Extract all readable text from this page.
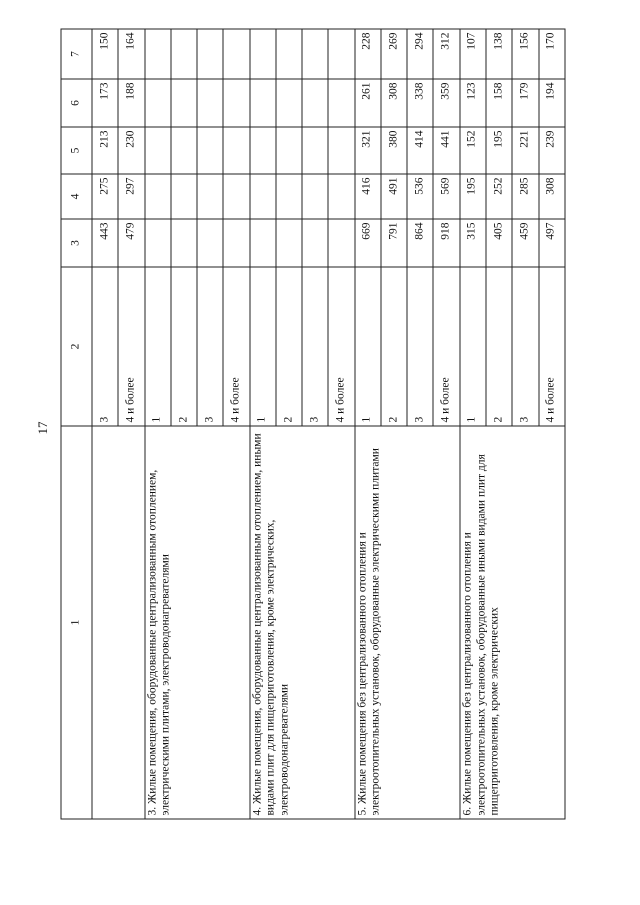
17
1	2	3	4	5	6	7
	3	443	275	213	173	150
	4 и более	479	297	230	188	164
3. Жилые помещения, оборудованные централизованным отоплением, электрическими плитами, электроводонагревателями	1					
	2					
	3					
	4 и более					
4. Жилые помещения, оборудованные централизованным отоплением, иными видами плит для пищеприготовления, кроме электрических, электроводонагревателями	1					
	2					
	3					
	4 и более					
5. Жилые помещения без централизованного отопления и электроотопительных установок, оборудованные электрическими плитами	1	669	416	321	261	228
	2	791	491	380	308	269
	3	864	536	414	338	294
	4 и более	918	569	441	359	312
6. Жилые помещения без централизованного отопления и электроотопительных установок, оборудованные иными видами плит для пищеприготовления, кроме электрических	1	315	195	152	123	107
	2	405	252	195	158	138
	3	459	285	221	179	156
	4 и более	497	308	239	194	170
